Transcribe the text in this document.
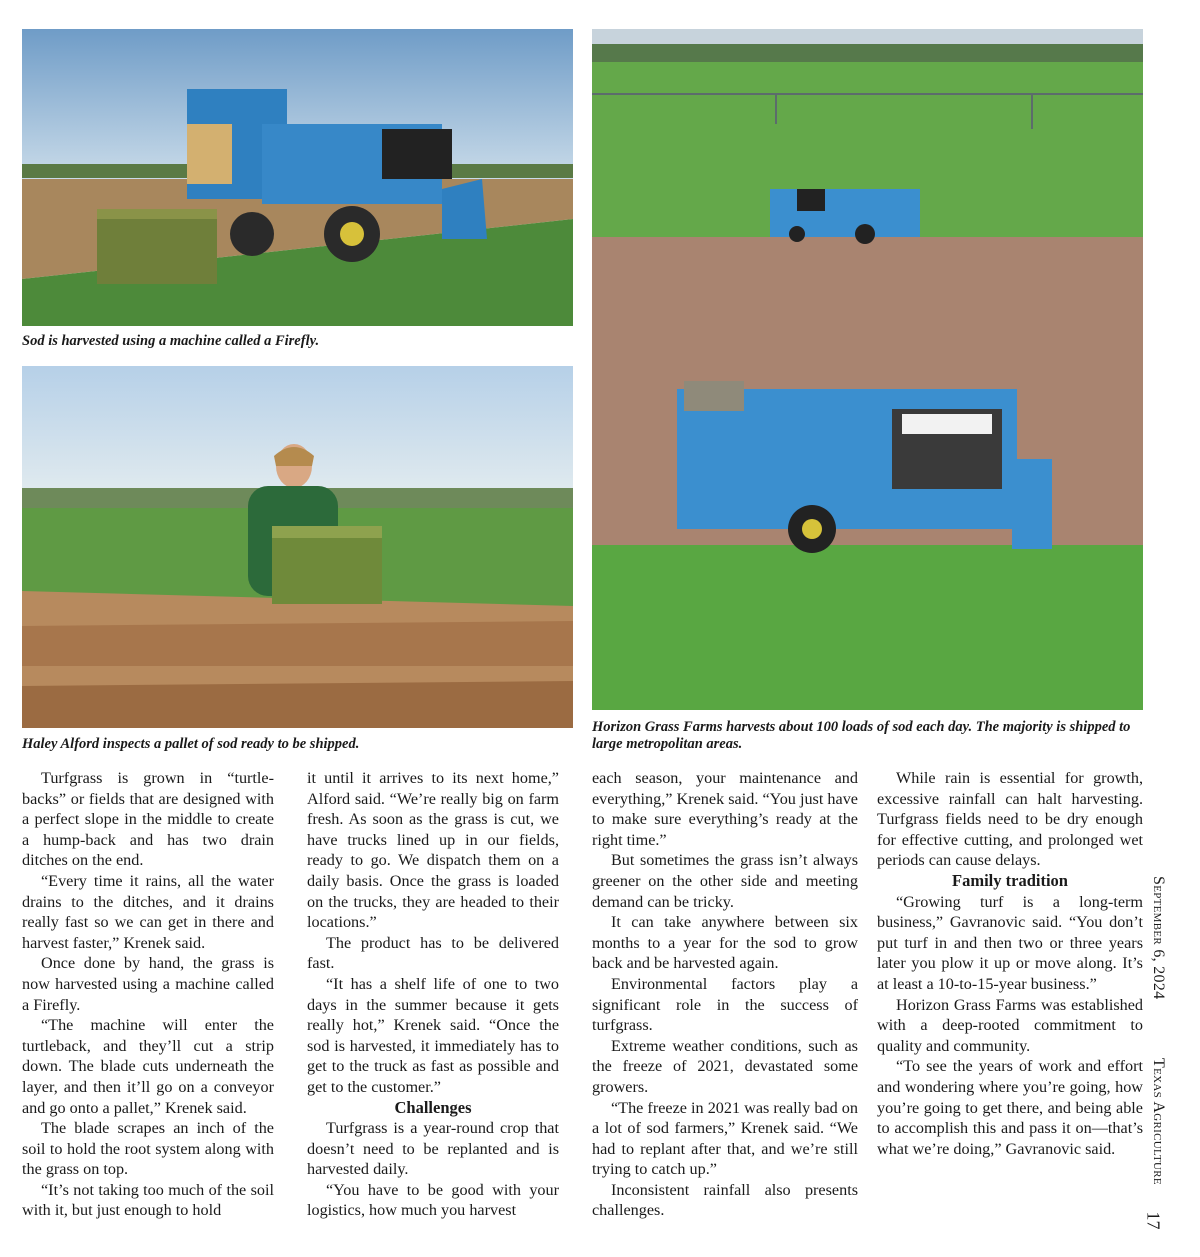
Sod is harvested using a machine called a Firefly.
Haley Alford inspects a pallet of sod ready to be shipped.
Horizon Grass Farms harvests about 100 loads of sod each day. The majority is shipped to large metropolitan areas.

Turfgrass is grown in “turtle-backs” or fields that are designed with a perfect slope in the middle to create a hump-back and has two drain ditches on the end.

“Every time it rains, all the water drains to the ditches, and it drains really fast so we can get in there and harvest faster,” Krenek said.

Once done by hand, the grass is now harvested using a machine called a Firefly.

“The machine will enter the turtleback, and they’ll cut a strip down. The blade cuts underneath the layer, and then it’ll go on a conveyor and go onto a pallet,” Krenek said.

The blade scrapes an inch of the soil to hold the root system along with the grass on top.

“It’s not taking too much of the soil with it, but just enough to hold

it until it arrives to its next home,” Alford said. “We’re really big on farm fresh. As soon as the grass is cut, we have trucks lined up in our fields, ready to go. We dispatch them on a daily basis. Once the grass is loaded on the trucks, they are headed to their locations.”

The product has to be delivered fast.

“It has a shelf life of one to two days in the summer because it gets really hot,” Krenek said. “Once the sod is harvested, it immediately has to get to the truck as fast as possible and get to the customer.”

Challenges

Turfgrass is a year-round crop that doesn’t need to be replanted and is harvested daily.

“You have to be good with your logistics, how much you harvest

each season, your maintenance and everything,” Krenek said. “You just have to make sure everything’s ready at the right time.”

But sometimes the grass isn’t always greener on the other side and meeting demand can be tricky.

It can take anywhere between six months to a year for the sod to grow back and be harvested again.

Environmental factors play a significant role in the success of turfgrass.

Extreme weather conditions, such as the freeze of 2021, devastated some growers.

“The freeze in 2021 was really bad on a lot of sod farmers,” Krenek said. “We had to replant after that, and we’re still trying to catch up.”

Inconsistent rainfall also presents challenges.

While rain is essential for growth, excessive rainfall can halt harvesting. Turfgrass fields need to be dry enough for effective cutting, and prolonged wet periods can cause delays.

Family tradition

“Growing turf is a long-term business,” Gavranovic said. “You don’t put turf in and then two or three years later you plow it up or move along. It’s at least a 10-to-15-year business.”

Horizon Grass Farms was established with a deep-rooted commitment to quality and community.

“To see the years of work and effort and wondering where you’re going, how you’re going to get there, and being able to accomplish this and pass it on—that’s what we’re doing,” Gavranovic said.

September 6, 2024
Texas Agriculture
17
